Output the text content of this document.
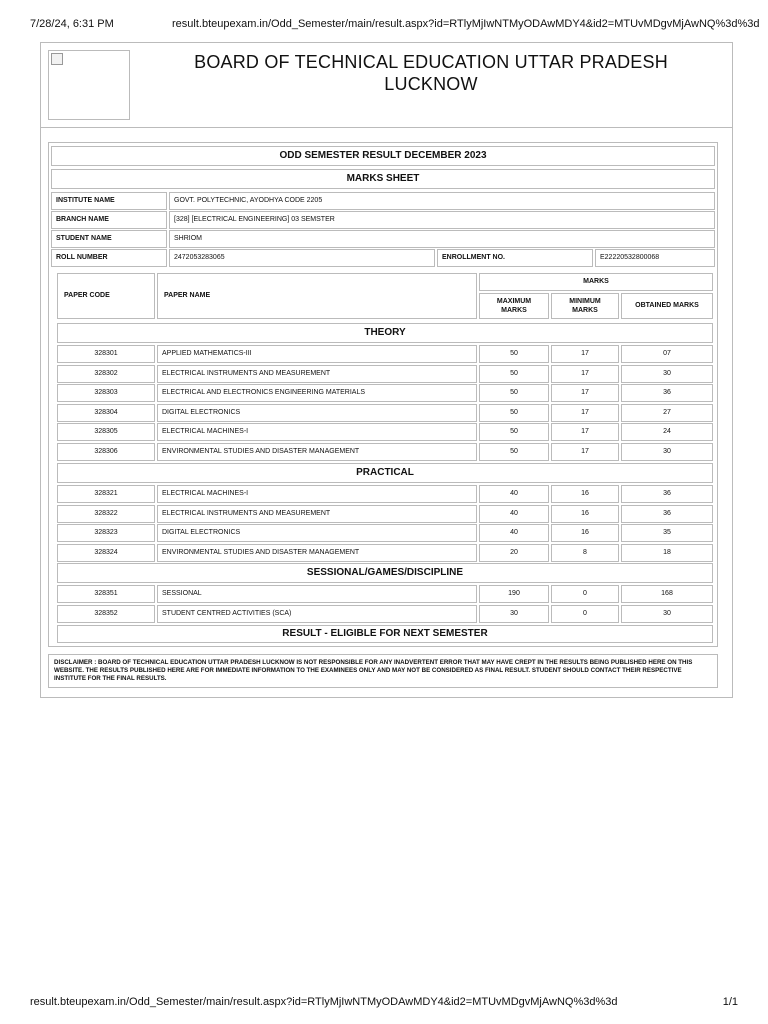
7/28/24, 6:31 PM	result.bteupexam.in/Odd_Semester/main/result.aspx?id=RTlyMjIwNTMyODAwMDY4&id2=MTUvMDgvMjAwNQ%3d%3d
result.bteupexam.in/Odd_Semester/main/result.aspx?id=RTlyMjIwNTMyODAwMDY4&id2=MTUvMDgvMjAwNQ%3d%3d	1/1
BOARD OF TECHNICAL EDUCATION UTTAR PRADESH
LUCKNOW
ODD SEMESTER RESULT DECEMBER 2023
MARKS SHEET
INSTITUTE NAME	GOVT. POLYTECHNIC, AYODHYA CODE 2205
BRANCH NAME	[328] [ELECTRICAL ENGINEERING] 03 SEMSTER
STUDENT NAME	SHRIOM
ROLL NUMBER	2472053283065	ENROLLMENT NO.	E22220532800068
PAPER CODE	PAPER NAME
MARKS
MAXIMUM
MARKS
MINIMUM
MARKS
OBTAINED MARKS
THEORY
PRACTICAL
SESSIONAL/GAMES/DISCIPLINE
RESULT - ELIGIBLE FOR NEXT SEMESTER
328301	APPLIED MATHEMATICS-III	50	17	07
328302	ELECTRICAL INSTRUMENTS AND MEASUREMENT	50	17	30
328303	ELECTRICAL AND ELECTRONICS ENGINEERING MATERIALS	50	17	36
328304	DIGITAL ELECTRONICS	50	17	27
328305	ELECTRICAL MACHINES-I	50	17	24
328306	ENVIRONMENTAL STUDIES AND DISASTER MANAGEMENT	50	17	30
328321	ELECTRICAL MACHINES-I	40	16	36
328322	ELECTRICAL INSTRUMENTS AND MEASUREMENT	40	16	36
328323	DIGITAL ELECTRONICS	40	16	35
328324	ENVIRONMENTAL STUDIES AND DISASTER MANAGEMENT	20	8	18
328351	SESSIONAL	190	0	168
328352	STUDENT CENTRED ACTIVITIES (SCA)	30	0	30
DISCLAIMER : BOARD OF TECHNICAL EDUCATION UTTAR PRADESH LUCKNOW IS NOT RESPONSIBLE FOR ANY INADVERTENT ERROR THAT MAY HAVE CREPT IN THE RESULTS BEING PUBLISHED HERE ON THIS WEBSITE. THE RESULTS PUBLISHED HERE ARE FOR IMMEDIATE INFORMATION TO THE EXAMINEES ONLY AND MAY NOT BE CONSIDERED AS FINAL RESULT. STUDENT SHOULD CONTACT THEIR RESPECTIVE INSTITUTE FOR THE FINAL RESULTS.
